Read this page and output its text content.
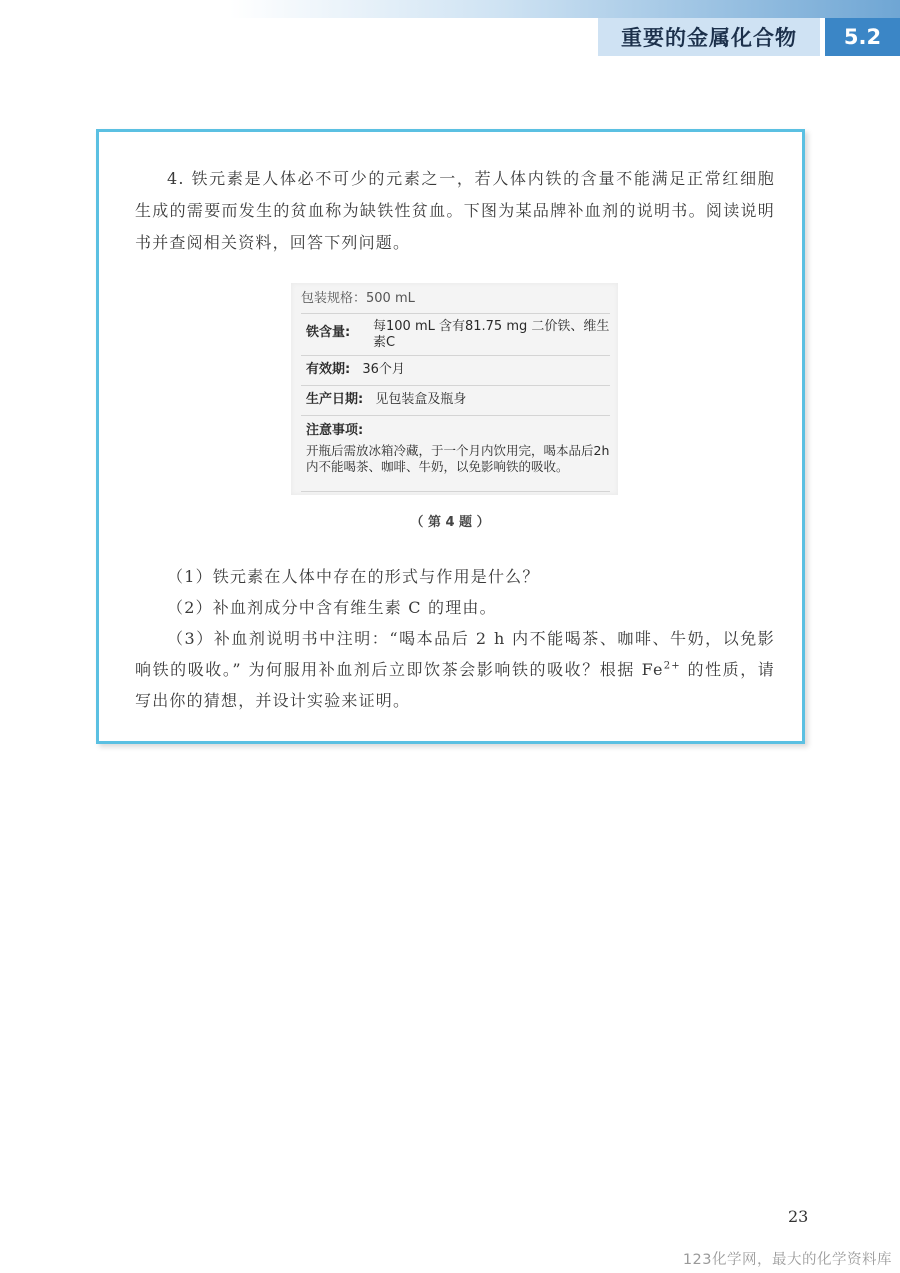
重要的金属化合物	5.2
4. 铁元素是人体必不可少的元素之一，若人体内铁的含量不能满足正常红细胞生成的需要而发生的贫血称为缺铁性贫血。下图为某品牌补血剂的说明书。阅读说明书并查阅相关资料，回答下列问题。
包装规格：500 mL
铁含量: 每100 mL 含有81.75 mg 二价铁、维生素C
有效期: 36个月
生产日期: 见包装盒及瓶身
注意事项:
开瓶后需放冰箱冷藏，于一个月内饮用完，喝本品后2h内不能喝茶、咖啡、牛奶，以免影响铁的吸收。
（ 第 4 题 ）
（1）铁元素在人体中存在的形式与作用是什么？
（2）补血剂成分中含有维生素 C 的理由。
（3）补血剂说明书中注明：“喝本品后 2 h 内不能喝茶、咖啡、牛奶，以免影响铁的吸收。” 为何服用补血剂后立即饮茶会影响铁的吸收？根据 $Fe^{2+}$ 的性质，请写出你的猜想，并设计实验来证明。
23
123化学网，最大的化学资料库
